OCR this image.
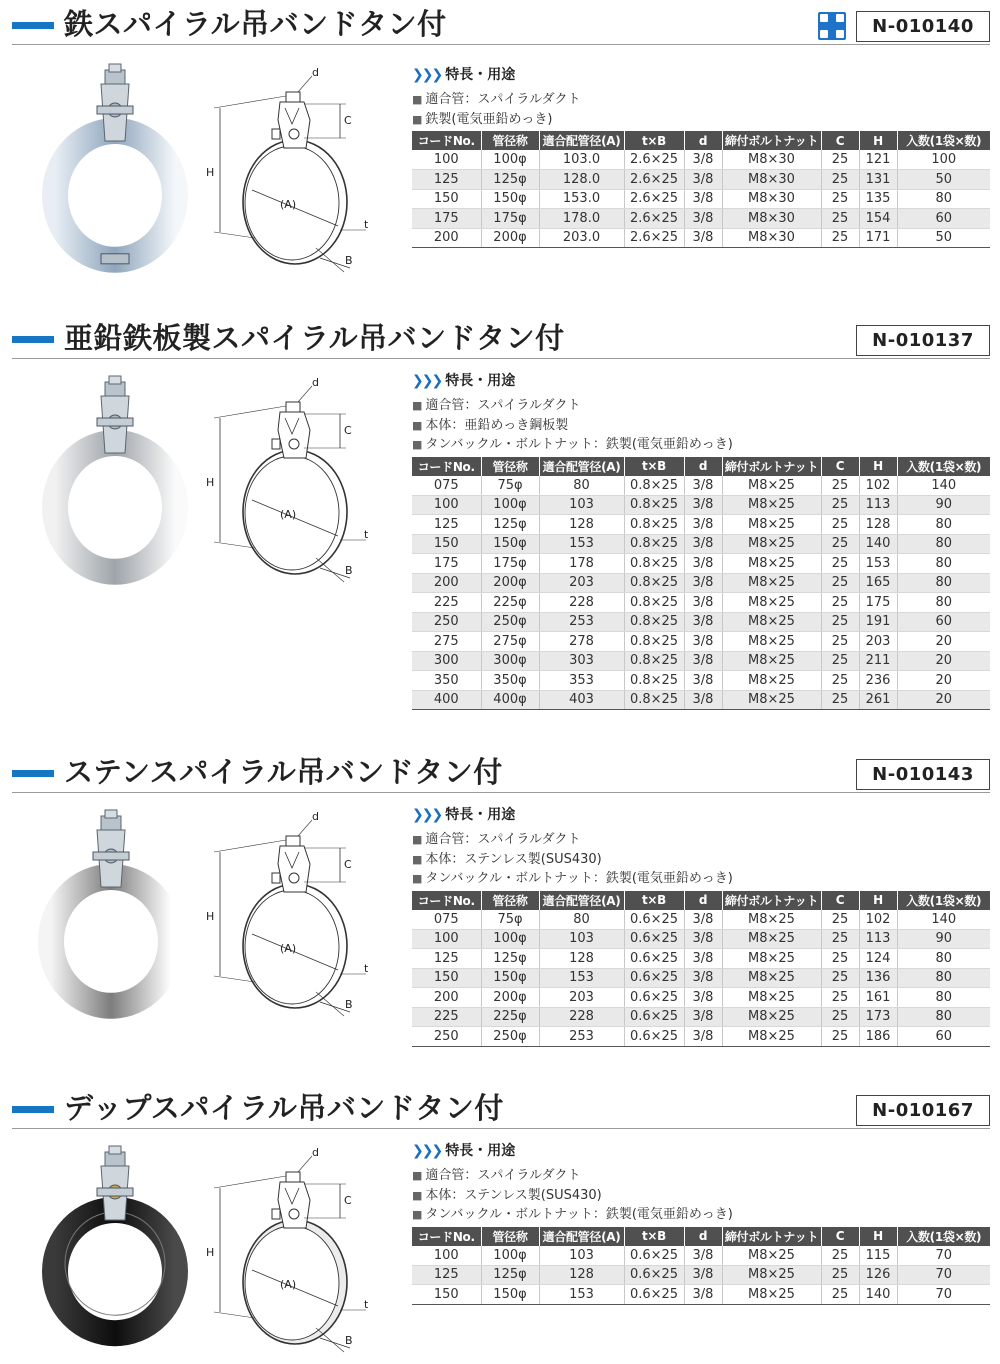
鉄スパイラル吊バンドタン付	N-010140
d
C
H
(A)
t
B
❯❯❯ 特長・用途
■ 適合管：スパイラルダクト
■ 鉄製(電気亜鉛めっき)
コードNo.	管径称	適合配管径(A)	t×B	d	締付ボルトナット	C	H	入数(1袋×数)
100	100φ	103.0	2.6×25	3/8	M8×30	25	121	100
125	125φ	128.0	2.6×25	3/8	M8×30	25	131	50
150	150φ	153.0	2.6×25	3/8	M8×30	25	135	80
175	175φ	178.0	2.6×25	3/8	M8×30	25	154	60
200	200φ	203.0	2.6×25	3/8	M8×30	25	171	50
亜鉛鉄板製スパイラル吊バンドタン付	N-010137
d
C
H
(A)
t
B
❯❯❯ 特長・用途
■ 適合管：スパイラルダクト
■ 本体：亜鉛めっき鋼板製
■ タンバックル・ボルトナット：鉄製(電気亜鉛めっき)
コードNo.	管径称	適合配管径(A)	t×B	d	締付ボルトナット	C	H	入数(1袋×数)
075	75φ	80	0.8×25	3/8	M8×25	25	102	140
100	100φ	103	0.8×25	3/8	M8×25	25	113	90
125	125φ	128	0.8×25	3/8	M8×25	25	128	80
150	150φ	153	0.8×25	3/8	M8×25	25	140	80
175	175φ	178	0.8×25	3/8	M8×25	25	153	80
200	200φ	203	0.8×25	3/8	M8×25	25	165	80
225	225φ	228	0.8×25	3/8	M8×25	25	175	80
250	250φ	253	0.8×25	3/8	M8×25	25	191	60
275	275φ	278	0.8×25	3/8	M8×25	25	203	20
300	300φ	303	0.8×25	3/8	M8×25	25	211	20
350	350φ	353	0.8×25	3/8	M8×25	25	236	20
400	400φ	403	0.8×25	3/8	M8×25	25	261	20
ステンスパイラル吊バンドタン付	N-010143
d
C
H
(A)
t
B
❯❯❯ 特長・用途
■ 適合管：スパイラルダクト
■ 本体：ステンレス製(SUS430)
■ タンバックル・ボルトナット：鉄製(電気亜鉛めっき)
コードNo.	管径称	適合配管径(A)	t×B	d	締付ボルトナット	C	H	入数(1袋×数)
075	75φ	80	0.6×25	3/8	M8×25	25	102	140
100	100φ	103	0.6×25	3/8	M8×25	25	113	90
125	125φ	128	0.6×25	3/8	M8×25	25	124	80
150	150φ	153	0.6×25	3/8	M8×25	25	136	80
200	200φ	203	0.6×25	3/8	M8×25	25	161	80
225	225φ	228	0.6×25	3/8	M8×25	25	173	80
250	250φ	253	0.6×25	3/8	M8×25	25	186	60
デップスパイラル吊バンドタン付	N-010167
d
C
H
(A)
t
B
❯❯❯ 特長・用途
■ 適合管：スパイラルダクト
■ 本体：ステンレス製(SUS430)
■ タンバックル・ボルトナット：鉄製(電気亜鉛めっき)
コードNo.	管径称	適合配管径(A)	t×B	d	締付ボルトナット	C	H	入数(1袋×数)
100	100φ	103	0.6×25	3/8	M8×25	25	115	70
125	125φ	128	0.6×25	3/8	M8×25	25	126	70
150	150φ	153	0.6×25	3/8	M8×25	25	140	70
